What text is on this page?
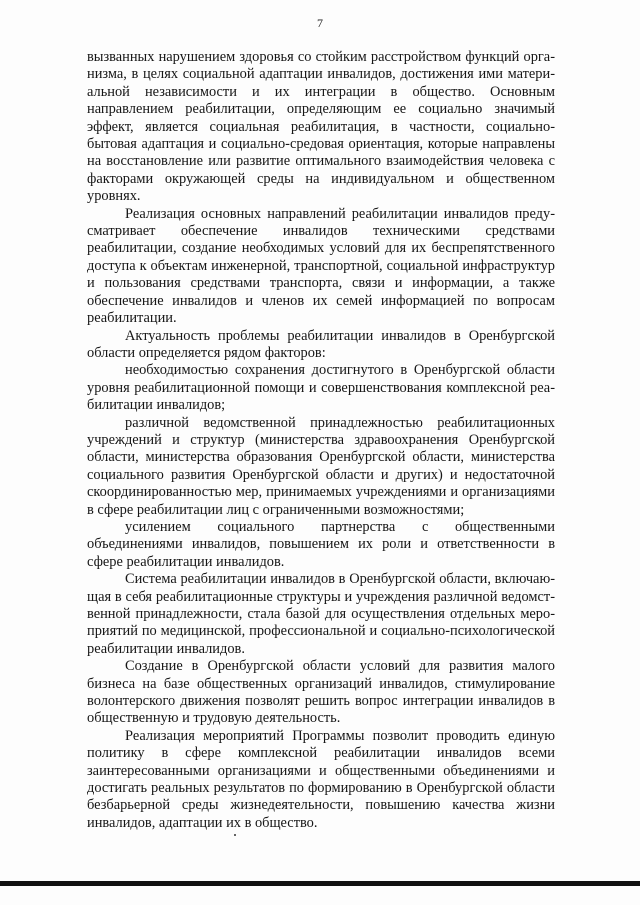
7

вызванных нарушением здоровья со стойким расстройством функций организма, в целях социальной адаптации инвалидов, достижения ими материальной независимости и их интеграции в общество. Основным направлением реабилитации, определяющим ее социально значимый эффект, является социальная реабилитация, в частности, социально-бытовая адаптация и социально-средовая ориентация, которые направлены на восстановление или развитие оптимального взаимодействия человека с факторами окружающей среды на индивидуальном и общественном уровнях.

Реализация основных направлений реабилитации инвалидов предусматривает обеспечение инвалидов техническими средствами реабилитации, создание необходимых условий для их беспрепятственного доступа к объектам инженерной, транспортной, социальной инфраструктур и пользования средствами транспорта, связи и информации, а также обеспечение инвалидов и членов их семей информацией по вопросам реабилитации.

Актуальность проблемы реабилитации инвалидов в Оренбургской области определяется рядом факторов:

необходимостью сохранения достигнутого в Оренбургской области уровня реабилитационной помощи и совершенствования комплексной реабилитации инвалидов;

различной ведомственной принадлежностью реабилитационных учреждений и структур (министерства здравоохранения Оренбургской области, министерства образования Оренбургской области, министерства социального развития Оренбургской области и других) и недостаточной скоординированностью мер, принимаемых учреждениями и организациями в сфере реабилитации лиц с ограниченными возможностями;

усилением социального партнерства с общественными объединениями инвалидов, повышением их роли и ответственности в сфере реабилитации инвалидов.

Система реабилитации инвалидов в Оренбургской области, включающая в себя реабилитационные структуры и учреждения различной ведомственной принадлежности, стала базой для осуществления отдельных мероприятий по медицинской, профессиональной и социально-психологической реабилитации инвалидов.

Создание в Оренбургской области условий для развития малого бизнеса на базе общественных организаций инвалидов, стимулирование волонтерского движения позволят решить вопрос интеграции инвалидов в общественную и трудовую деятельность.

Реализация мероприятий Программы позволит проводить единую политику в сфере комплексной реабилитации инвалидов всеми заинтересованными организациями и общественными объединениями и достигать реальных результатов по формированию в Оренбургской области безбарьерной среды жизнедеятельности, повышению качества жизни инвалидов, адаптации их в общество.
